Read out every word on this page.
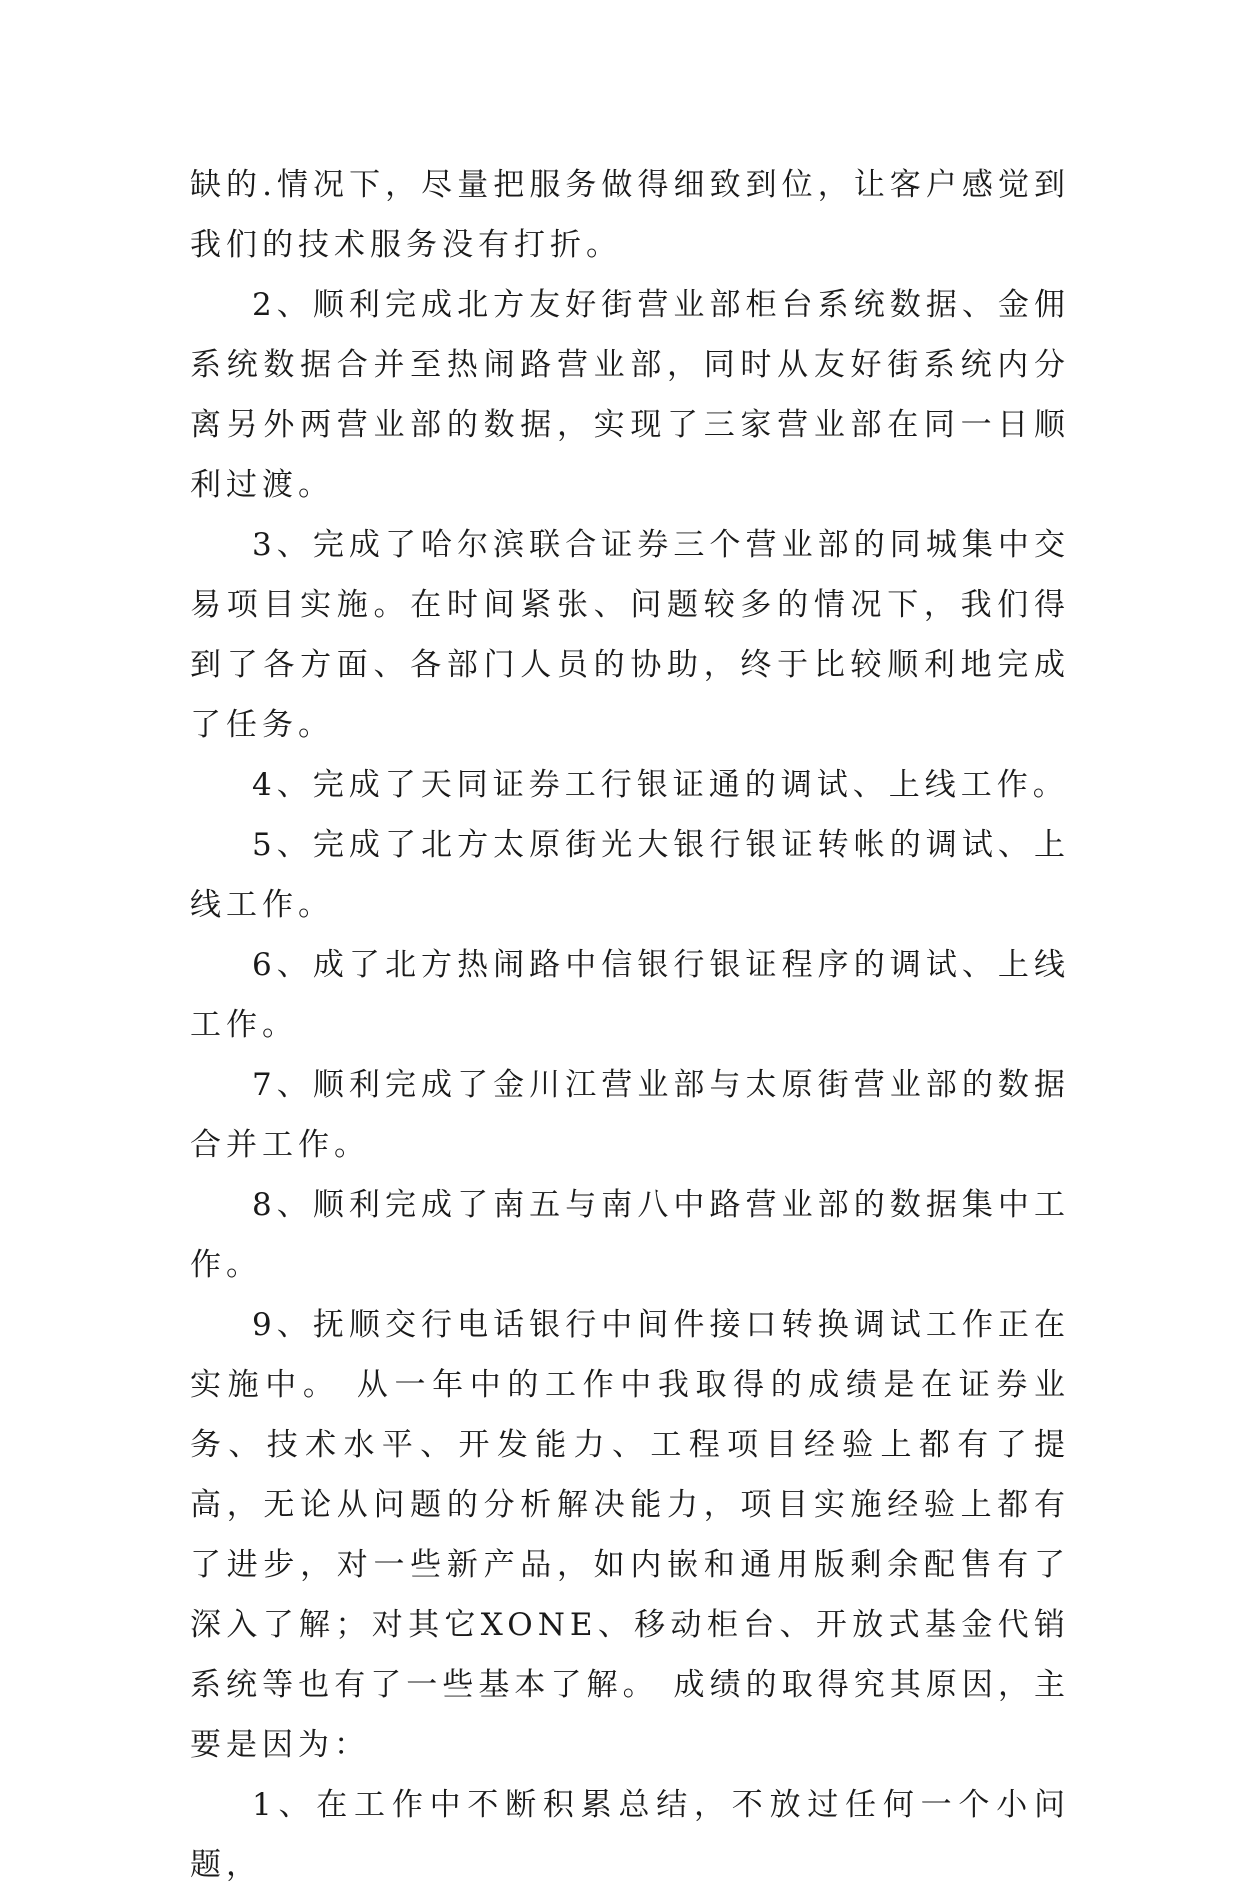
缺的.情况下，尽量把服务做得细致到位，让客户感觉到我们的技术服务没有打折。

2、顺利完成北方友好街营业部柜台系统数据、金佣系统数据合并至热闹路营业部，同时从友好街系统内分离另外两营业部的数据，实现了三家营业部在同一日顺利过渡。

3、完成了哈尔滨联合证券三个营业部的同城集中交易项目实施。在时间紧张、问题较多的情况下，我们得到了各方面、各部门人员的协助，终于比较顺利地完成了任务。

4、完成了天同证券工行银证通的调试、上线工作。

5、完成了北方太原街光大银行银证转帐的调试、上线工作。

6、成了北方热闹路中信银行银证程序的调试、上线工作。

7、顺利完成了金川江营业部与太原街营业部的数据合并工作。

8、顺利完成了南五与南八中路营业部的数据集中工作。

9、抚顺交行电话银行中间件接口转换调试工作正在实施中。 从一年中的工作中我取得的成绩是在证券业务、技术水平、开发能力、工程项目经验上都有了提高，无论从问题的分析解决能力，项目实施经验上都有了进步，对一些新产品，如内嵌和通用版剩余配售有了深入了解；对其它XONE、移动柜台、开放式基金代销系统等也有了一些基本了解。 成绩的取得究其原因，主要是因为：

1、在工作中不断积累总结，不放过任何一个小问题，
